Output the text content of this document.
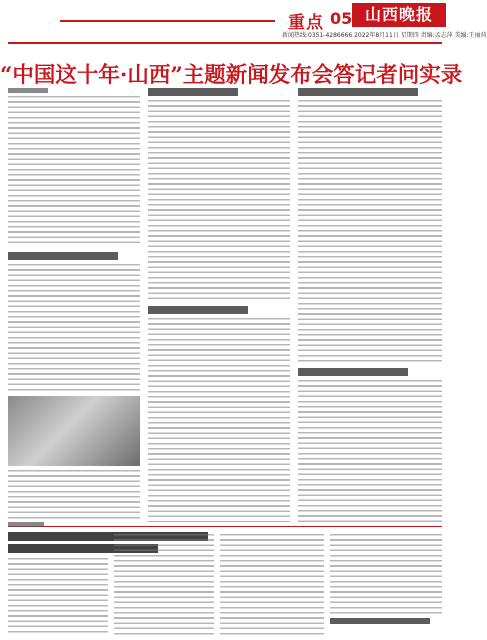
重点 05 山西晚报
新闻热线:0351-4286666 2022年8月11日 星期四 责编:孟志萍 美编:王丽荷
“中国这十年·山西”主题新闻发布会答记者问实录
